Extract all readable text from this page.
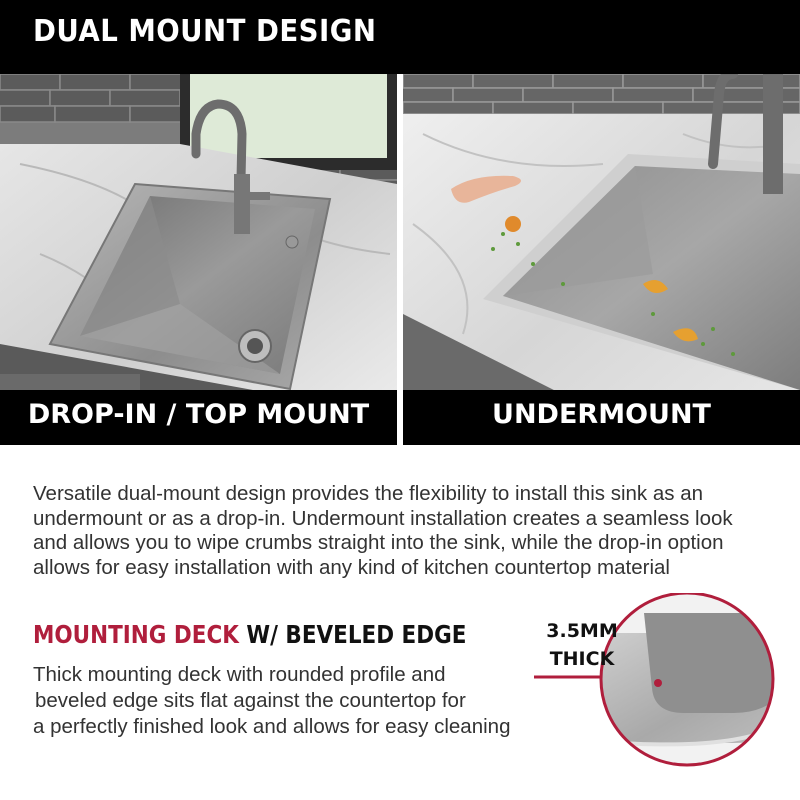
DUAL MOUNT DESIGN
DROP-IN / TOP MOUNT	UNDERMOUNT
Versatile dual-mount design provides the flexibility to install this sink as an
undermount or as a drop-in. Undermount installation creates a seamless look
and allows you to wipe crumbs straight into the sink, while the drop-in option
allows for easy installation with any kind of kitchen countertop material
MOUNTING DECK W/ BEVELED EDGE
Thick mounting deck with rounded profile and
beveled edge sits flat against the countertop for
a perfectly finished look and allows for easy cleaning
3.5MM
THICK
